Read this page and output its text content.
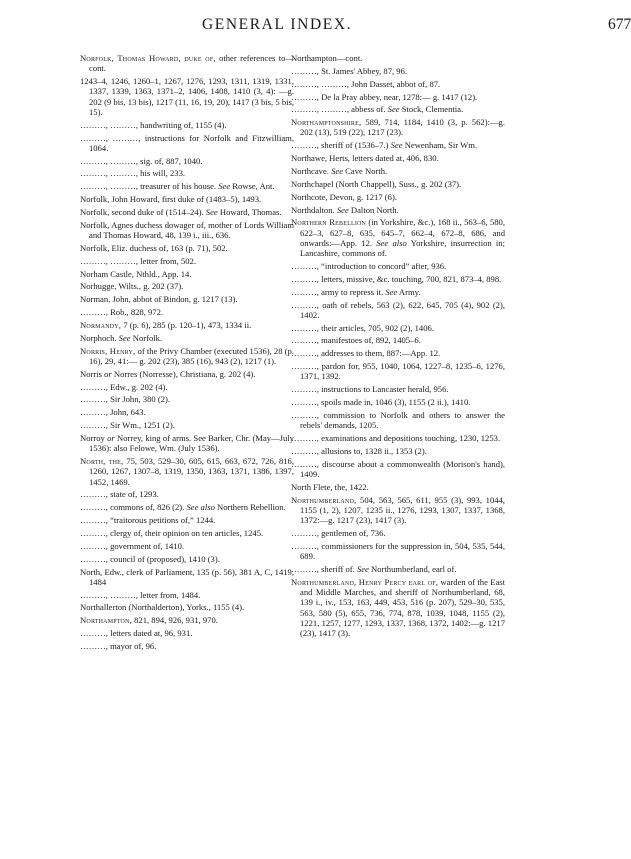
GENERAL INDEX.	677

Norfolk, Thomas Howard, duke of, other references to—cont.

1243–4, 1246, 1260–1, 1267, 1276, 1293, 1311, 1319, 1331, 1337, 1339, 1363, 1371–2, 1406, 1408, 1410 (3, 4): —g. 202 (9 bis, 13 bis), 1217 (11, 16, 19, 20), 1417 (3 bis, 5 bis, 15).

………, ………, handwriting of, 1155 (4).

………, ………, instructions for Norfolk and Fitzwilliam, 1064.

………, ………, sig. of, 887, 1040.

………, ………, his will, 233.

………, ………, treasurer of his house. See Rowse, Ant.

Norfolk, John Howard, first duke of (1483–5), 1493.

Norfolk, second duke of (1514–24). See Howard, Thomas.

Norfolk, Agnes duchess dowager of, mother of Lords William and Thomas Howard, 48, 139 i., iii., 636.

Norfolk, Eliz. duchess of, 163 (p. 71), 502.

………, ………, letter from, 502.

Norham Castle, Nthld., App. 14.

Norhugge, Wilts., g. 202 (37).

Norman, John, abbot of Bindon, g. 1217 (13).

………, Rob., 828, 972.

Normandy, 7 (p. 6), 285 (p. 120–1), 473, 1334 ii.

Norphoch. See Norfolk.

Norris, Henry, of the Privy Chamber (executed 1536), 28 (p. 16), 29, 41:— g. 202 (23), 385 (16), 943 (2), 1217 (1).

Norris or Norres (Norresse), Christiana, g. 202 (4).

………, Edw., g. 202 (4).

………, Sir John, 380 (2).

………, John, 643.

………, Sir Wm., 1251 (2).

Norroy or Norrey, king of arms. See Barker, Chr. (May—July 1536): also Felowe, Wm. (July 1536).

North, the, 75, 503, 529–30, 605, 615, 663, 672, 726, 816, 1260, 1267, 1307–8, 1319, 1350, 1363, 1371, 1386, 1397, 1452, 1469.

………, state of, 1293.

………, commons of, 826 (2). See also Northern Rebellion.

………, “traitorous petitions of,” 1244.

………, clergy of, their opinion on ten articles, 1245.

………, government of, 1410.

………, council of (proposed), 1410 (3).

North, Edw., clerk of Parliament, 135 (p. 56), 381 A, C, 1419, 1484

………, ………, letter from, 1484.

Northallerton (Northalderton), Yorks., 1155 (4).

Northampton, 821, 894, 926, 931, 970.

………, letters dated at, 96, 931.

………, mayor of, 96.

Northampton—cont.

………, St. James' Abbey, 87, 96.

………, ………, John Dasset, abbot of, 87.

………, De la Pray abbey, near, 1278:— g. 1417 (12).

………, ………, abbess of. See Stock, Clementia.

Northamptonshire, 589, 714, 1184, 1410 (3, p. 562):—g. 202 (13), 519 (22), 1217 (23).

………, sheriff of (1536–7.) See Newenham, Sir Wm.

Northawe, Herts, letters dated at, 406, 830.

Northcave. See Cave North.

Northchapel (North Chappell), Suss., g. 202 (37).

Northcote, Devon, g. 1217 (6).

Northdalton. See Dalton North.

Northern Rebellion (in Yorkshire, &c.), 168 ii., 563–6, 580, 622–3, 627–8, 635, 645–7, 662–4, 672–8, 686, and onwards:—App. 12. See also Yorkshire, insurrection in; Lancashire, commons of.

………, “introduction to concord” after, 936.

………, letters, missive, &c. touching, 700, 821, 873–4, 898.

………, army to repress it. See Army.

………, oath of rebels, 563 (2), 622, 645, 705 (4), 902 (2), 1402.

………, their articles, 705, 902 (2), 1406.

………, manifestoes of, 892, 1405–6.

………, addresses to them, 887:—App. 12.

………, pardon for, 955, 1040, 1064, 1227–8, 1235–6, 1276, 1371, 1392.

………, instructions to Lancaster herald, 956.

………, spoils made in, 1046 (3), 1155 (2 ii.), 1410.

………, commission to Norfolk and others to answer the rebels' demands, 1205.

………, examinations and depositions touching, 1230, 1253.

………, allusions to, 1328 ii., 1353 (2).

………, discourse about a commonwealth (Morison's hand), 1409.

North Flete, the, 1422.

Northumberland, 504, 563, 565, 611, 955 (3), 993, 1044, 1155 (1, 2), 1207, 1235 ii., 1276, 1293, 1307, 1337, 1368, 1372:—g. 1217 (23), 1417 (3).

………, gentlemen of, 736.

………, commissioners for the suppression in, 504, 535, 544, 689.

………, sheriff of. See Northumberland, earl of.

Northumberland, Henry Percy earl of, warden of the East and Middle Marches, and sheriff of Northumberland, 68, 139 i., iv., 153, 163, 449, 453, 516 (p. 207), 529–30, 535, 563, 580 (5), 655, 736, 774, 878, 1039, 1048, 1155 (2), 1221, 1257, 1277, 1293, 1337, 1368, 1372, 1402:—g. 1217 (23), 1417 (3).
